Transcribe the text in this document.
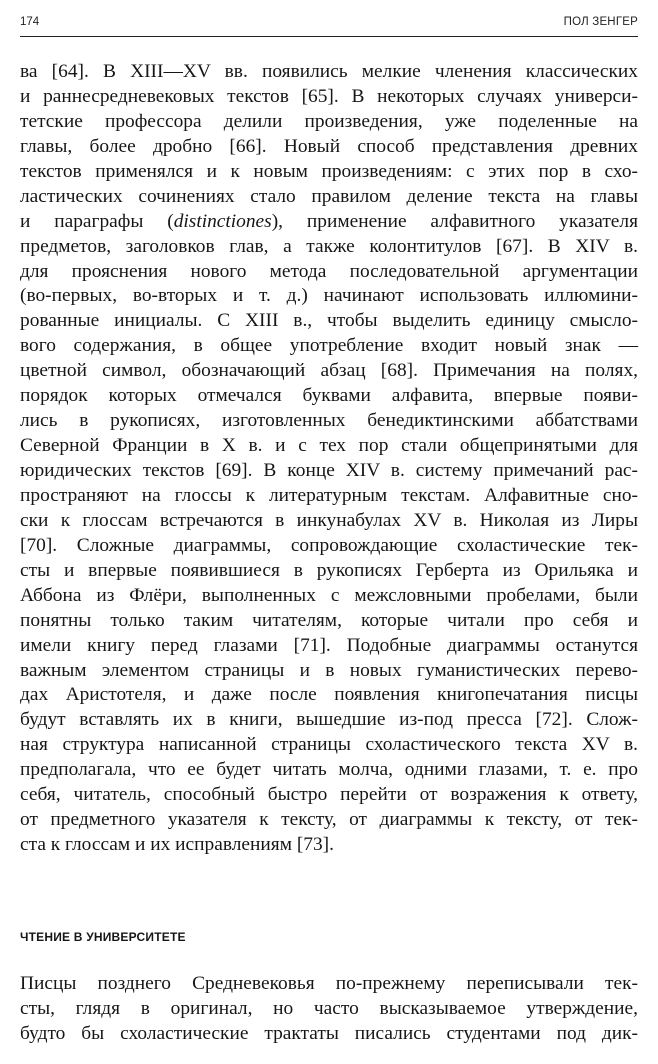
174	ПОЛ ЗЕНГЕР
ва [64]. В XIII—XV вв. появились мелкие членения классических
и раннесредневековых текстов [65]. В некоторых случаях универси-
тетские профессора делили произведения, уже поделенные на
главы, более дробно [66]. Новый способ представления древних
текстов применялся и к новым произведениям: с этих пор в схо-
ластических сочинениях стало правилом деление текста на главы
и параграфы (distinctiones), применение алфавитного указателя
предметов, заголовков глав, а также колонтитулов [67]. В XIV в.
для прояснения нового метода последовательной аргументации
(во-первых, во-вторых и т. д.) начинают использовать иллюмини-
рованные инициалы. С XIII в., чтобы выделить единицу смысло-
вого содержания, в общее употребление входит новый знак —
цветной символ, обозначающий абзац [68]. Примечания на полях,
порядок которых отмечался буквами алфавита, впервые появи-
лись в рукописях, изготовленных бенедиктинскими аббатствами
Северной Франции в X в. и с тех пор стали общепринятыми для
юридических текстов [69]. В конце XIV в. систему примечаний рас-
пространяют на глоссы к литературным текстам. Алфавитные сно-
ски к глоссам встречаются в инкунабулах XV в. Николая из Лиры
[70]. Сложные диаграммы, сопровождающие схоластические тек-
сты и впервые появившиеся в рукописях Герберта из Орильяка и
Аббона из Флёри, выполненных с межсловными пробелами, были
понятны только таким читателям, которые читали про себя и
имели книгу перед глазами [71]. Подобные диаграммы останутся
важным элементом страницы и в новых гуманистических перево-
дах Аристотеля, и даже после появления книгопечатания писцы
будут вставлять их в книги, вышедшие из-под пресса [72]. Слож-
ная структура написанной страницы схоластического текста XV в.
предполагала, что ее будет читать молча, одними глазами, т. е. про
себя, читатель, способный быстро перейти от возражения к ответу,
от предметного указателя к тексту, от диаграммы к тексту, от тек-
ста к глоссам и их исправлениям [73].
ЧТЕНИЕ В УНИВЕРСИТЕТЕ
Писцы позднего Средневековья по-прежнему переписывали тек-
сты, глядя в оригинал, но часто высказываемое утверждение,
будто бы схоластические трактаты писались студентами под дик-
